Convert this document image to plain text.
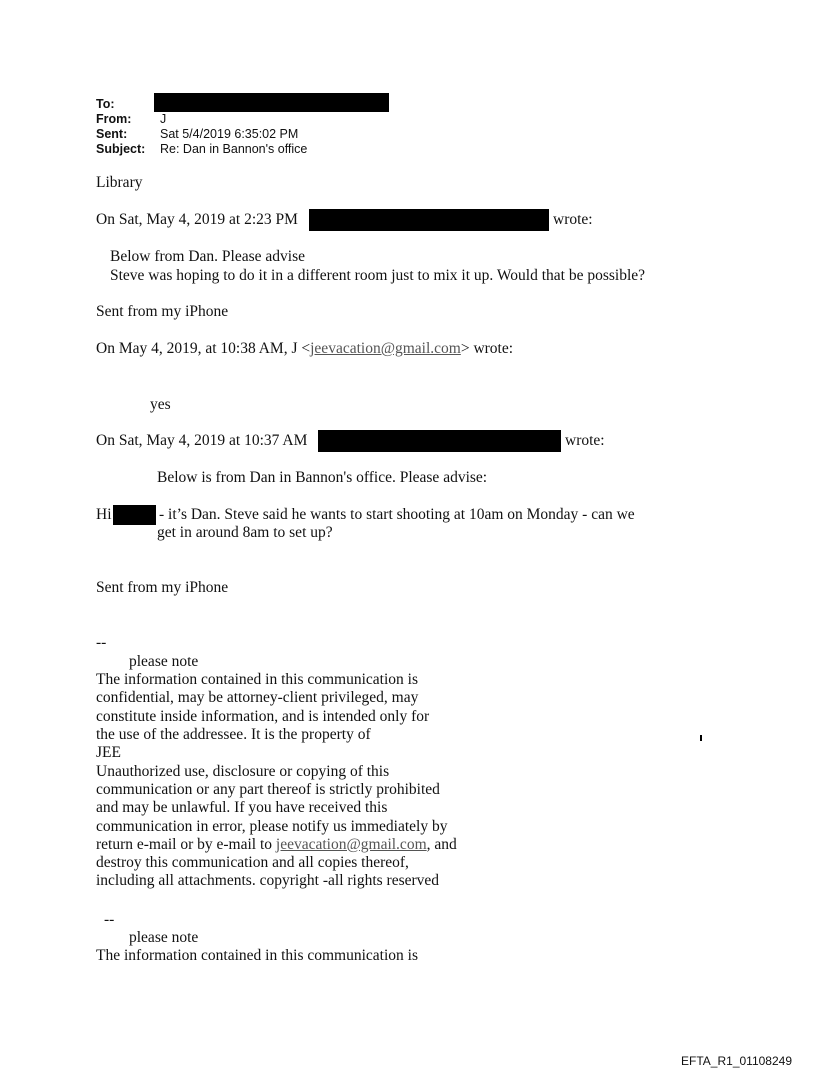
To:
From: J
Sent:	Sat 5/4/2019 6:35:02 PM
Subject: Re: Dan in Bannon's office
Library
On Sat, May 4, 2019 at 2:23 PM	wrote:
Below from Dan. Please advise
Steve was hoping to do it in a different room just to mix it up. Would that be possible?
Sent from my iPhone
On May 4, 2019, at 10:38 AM, J <jeevacation@gmail.com> wrote:
yes
On Sat, May 4, 2019 at 10:37 AM	wrote:
Below is from Dan in Bannon's office. Please advise:
Hi	- it’s Dan. Steve said he wants to start shooting at 10am on Monday - can we
get in around 8am to set up?
Sent from my iPhone
--
please note
The information contained in this communication is
confidential, may be attorney-client privileged, may
constitute inside information, and is intended only for
the use of the addressee. It is the property of
JEE
Unauthorized use, disclosure or copying of this
communication or any part thereof is strictly prohibited
and may be unlawful. If you have received this
communication in error, please notify us immediately by
return e-mail or by e-mail to jeevacation@gmail.com, and
destroy this communication and all copies thereof,
including all attachments. copyright -all rights reserved
--
please note
The information contained in this communication is
EFTA_R1_01108249
